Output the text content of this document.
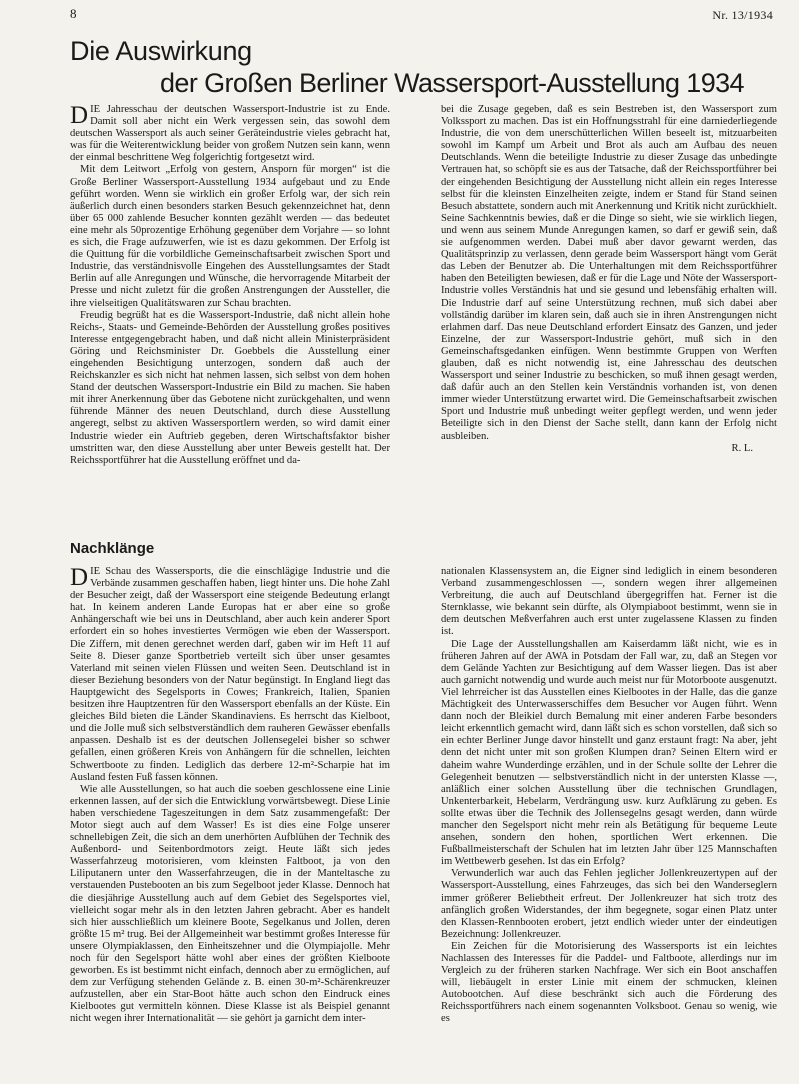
8	Nr. 13/1934
Die Auswirkung
der Großen Berliner Wassersport-Ausstellung 1934

DIE Jahresschau der deutschen Wassersport-Industrie ist zu Ende. Damit soll aber nicht ein Werk vergessen sein, das sowohl dem deutschen Wassersport als auch seiner Geräteindustrie vieles gebracht hat, was für die Weiterentwicklung beider von großem Nutzen sein kann, wenn der einmal beschrittene Weg folgerichtig fortgesetzt wird.

Mit dem Leitwort „Erfolg von gestern, Ansporn für morgen“ ist die Große Berliner Wassersport-Ausstellung 1934 aufgebaut und zu Ende geführt worden. Wenn sie wirklich ein großer Erfolg war, der sich rein äußerlich durch einen besonders starken Besuch gekennzeichnet hat, denn über 65 000 zahlende Besucher konnten gezählt werden — das bedeutet eine mehr als 50prozentige Erhöhung gegenüber dem Vorjahre — so lohnt es sich, die Frage aufzuwerfen, wie ist es dazu gekommen. Der Erfolg ist die Quittung für die vorbildliche Gemeinschaftsarbeit zwischen Sport und Industrie, das verständnisvolle Eingehen des Ausstellungsamtes der Stadt Berlin auf alle Anregungen und Wünsche, die hervorragende Mitarbeit der Presse und nicht zuletzt für die großen Anstrengungen der Aussteller, die ihre vielseitigen Qualitätswaren zur Schau brachten.

Freudig begrüßt hat es die Wassersport-Industrie, daß nicht allein hohe Reichs-, Staats- und Gemeinde-Behörden der Ausstellung großes positives Interesse entgegengebracht haben, und daß nicht allein Ministerpräsident Göring und Reichsminister Dr. Goebbels die Ausstellung einer eingehenden Besichtigung unterzogen, sondern daß auch der Reichskanzler es sich nicht hat nehmen lassen, sich selbst von dem hohen Stand der deutschen Wassersport-Industrie ein Bild zu machen. Sie haben mit ihrer Anerkennung über das Gebotene nicht zurückgehalten, und wenn führende Männer des neuen Deutschland, durch diese Ausstellung angeregt, selbst zu aktiven Wassersportlern werden, so wird damit einer Industrie wieder ein Auftrieb gegeben, deren Wirtschaftsfaktor bisher umstritten war, den diese Ausstellung aber unter Beweis gestellt hat. Der Reichssportführer hat die Ausstellung eröffnet und da-

bei die Zusage gegeben, daß es sein Bestreben ist, den Wassersport zum Volkssport zu machen. Das ist ein Hoffnungsstrahl für eine darniederliegende Industrie, die von dem unerschütterlichen Willen beseelt ist, mitzuarbeiten sowohl im Kampf um Arbeit und Brot als auch am Aufbau des neuen Deutschlands. Wenn die beteiligte Industrie zu dieser Zusage das unbedingte Vertrauen hat, so schöpft sie es aus der Tatsache, daß der Reichssportführer bei der eingehenden Besichtigung der Ausstellung nicht allein ein reges Interesse selbst für die kleinsten Einzelheiten zeigte, indem er Stand für Stand seinen Besuch abstattete, sondern auch mit Anerkennung und Kritik nicht zurückhielt. Seine Sachkenntnis bewies, daß er die Dinge so sieht, wie sie wirklich liegen, und wenn aus seinem Munde Anregungen kamen, so darf er gewiß sein, daß sie aufgenommen werden. Dabei muß aber davor gewarnt werden, das Qualitätsprinzip zu verlassen, denn gerade beim Wassersport hängt vom Gerät das Leben der Benutzer ab. Die Unterhaltungen mit dem Reichssportführer haben den Beteiligten bewiesen, daß er für die Lage und Nöte der Wassersport-Industrie volles Verständnis hat und sie gesund und lebensfähig erhalten will. Die Industrie darf auf seine Unterstützung rechnen, muß sich dabei aber vollständig darüber im klaren sein, daß auch sie in ihren Anstrengungen nicht erlahmen darf. Das neue Deutschland erfordert Einsatz des Ganzen, und jeder Einzelne, der zur Wassersport-Industrie gehört, muß sich in den Gemeinschaftsgedanken einfügen. Wenn bestimmte Gruppen von Werften glauben, daß es nicht notwendig ist, eine Jahresschau des deutschen Wassersport und seiner Industrie zu beschicken, so muß ihnen gesagt werden, daß dafür auch an den Stellen kein Verständnis vorhanden ist, von denen immer wieder Unterstützung erwartet wird. Die Gemeinschaftsarbeit zwischen Sport und Industrie muß unbedingt weiter gepflegt werden, und wenn jeder Beteiligte sich in den Dienst der Sache stellt, dann kann der Erfolg nicht ausbleiben.

R. L.
Nachklänge

DIE Schau des Wassersports, die die einschlägige Industrie und die Verbände zusammen geschaffen haben, liegt hinter uns. Die hohe Zahl der Besucher zeigt, daß der Wassersport eine steigende Bedeutung erlangt hat. In keinem anderen Lande Europas hat er aber eine so große Anhängerschaft wie bei uns in Deutschland, aber auch kein anderer Sport erfordert ein so hohes investiertes Vermögen wie eben der Wassersport. Die Ziffern, mit denen gerechnet werden darf, gaben wir im Heft 11 auf Seite 8. Dieser ganze Sportbetrieb verteilt sich über unser gesamtes Vaterland mit seinen vielen Flüssen und weiten Seen. Deutschland ist in dieser Beziehung besonders von der Natur begünstigt. In England liegt das Hauptgewicht des Segelsports in Cowes; Frankreich, Italien, Spanien besitzen ihre Hauptzentren für den Wassersport ebenfalls an der Küste. Ein gleiches Bild bieten die Länder Skandinaviens. Es herrscht das Kielboot, und die Jolle muß sich selbstverständlich dem rauheren Gewässer ebenfalls anpassen. Deshalb ist es der deutschen Jollensegelei bisher so schwer gefallen, einen größeren Kreis von Anhängern für die schnellen, leichten Schwertboote zu finden. Lediglich das derbere 12-m²-Scharpie hat im Ausland festen Fuß fassen können.

Wie alle Ausstellungen, so hat auch die soeben geschlossene eine Linie erkennen lassen, auf der sich die Entwicklung vorwärtsbewegt. Diese Linie haben verschiedene Tageszeitungen in dem Satz zusammengefaßt: Der Motor siegt auch auf dem Wasser! Es ist dies eine Folge unserer schnellebigen Zeit, die sich an dem unerhörten Aufblühen der Technik des Außenbord- und Seitenbordmotors zeigt. Heute läßt sich jedes Wasserfahrzeug motorisieren, vom kleinsten Faltboot, ja von den Liliputanern unter den Wasserfahrzeugen, die in der Manteltasche zu verstauenden Pustebooten an bis zum Segelboot jeder Klasse. Dennoch hat die diesjährige Ausstellung auch auf dem Gebiet des Segelsportes viel, vielleicht sogar mehr als in den letzten Jahren gebracht. Aber es handelt sich hier ausschließlich um kleinere Boote, Segelkanus und Jollen, deren größte 15 m² trug. Bei der Allgemeinheit war bestimmt großes Interesse für unsere Olympiaklassen, den Einheitszehner und die Olympiajolle. Mehr noch für den Segelsport hätte wohl aber eines der größten Kielboote geworben. Es ist bestimmt nicht einfach, dennoch aber zu ermöglichen, auf dem zur Verfügung stehenden Gelände z. B. einen 30-m²-Schärenkreuzer aufzustellen, aber ein Star-Boot hätte auch schon den Eindruck eines Kielbootes gut vermitteln können. Diese Klasse ist als Beispiel genannt nicht wegen ihrer Internationalität — sie gehört ja garnicht dem inter-

nationalen Klassensystem an, die Eigner sind lediglich in einem besonderen Verband zusammengeschlossen —, sondern wegen ihrer allgemeinen Verbreitung, die auch auf Deutschland übergegriffen hat. Ferner ist die Sternklasse, wie bekannt sein dürfte, als Olympiaboot bestimmt, wenn sie in dem deutschen Meßverfahren auch erst unter zugelassene Klassen zu finden ist.

Die Lage der Ausstellungshallen am Kaiserdamm läßt nicht, wie es in früheren Jahren auf der AWA in Potsdam der Fall war, zu, daß an Stegen vor dem Gelände Yachten zur Besichtigung auf dem Wasser liegen. Das ist aber auch garnicht notwendig und wurde auch meist nur für Motorboote ausgenutzt. Viel lehrreicher ist das Ausstellen eines Kielbootes in der Halle, das die ganze Mächtigkeit des Unterwasserschiffes dem Besucher vor Augen führt. Wenn dann noch der Bleikiel durch Bemalung mit einer anderen Farbe besonders leicht erkenntlich gemacht wird, dann läßt sich es schon vorstellen, daß sich so ein echter Berliner Junge davor hinstellt und ganz erstaunt fragt: Na aber, jeht denn det nicht unter mit son großen Klumpen dran? Seinen Eltern wird er daheim wahre Wunderdinge erzählen, und in der Schule sollte der Lehrer die Gelegenheit benutzen — selbstverständlich nicht in der untersten Klasse —, anläßlich einer solchen Ausstellung über die technischen Grundlagen, Unkenterbarkeit, Hebelarm, Verdrängung usw. kurz Aufklärung zu geben. Es sollte etwas über die Technik des Jollensegelns gesagt werden, dann würde mancher den Segelsport nicht mehr rein als Betätigung für bequeme Leute ansehen, sondern den hohen, sportlichen Wert erkennen. Die Fußballmeisterschaft der Schulen hat im letzten Jahr über 125 Mannschaften im Wettbewerb gesehen. Ist das ein Erfolg?

Verwunderlich war auch das Fehlen jeglicher Jollenkreuzertypen auf der Wassersport-Ausstellung, eines Fahrzeuges, das sich bei den Wanderseglern immer größerer Beliebtheit erfreut. Der Jollenkreuzer hat sich trotz des anfänglich großen Widerstandes, der ihm begegnete, sogar einen Platz unter den Klassen-Rennbooten erobert, jetzt endlich wieder unter der eindeutigen Bezeichnung: Jollenkreuzer.

Ein Zeichen für die Motorisierung des Wassersports ist ein leichtes Nachlassen des Interesses für die Paddel- und Faltboote, allerdings nur im Vergleich zu der früheren starken Nachfrage. Wer sich ein Boot anschaffen will, liebäugelt in erster Linie mit einem der schmucken, kleinen Autobootchen. Auf diese beschränkt sich auch die Förderung des Reichssportführers nach einem sogenannten Volksboot. Genau so wenig, wie es
